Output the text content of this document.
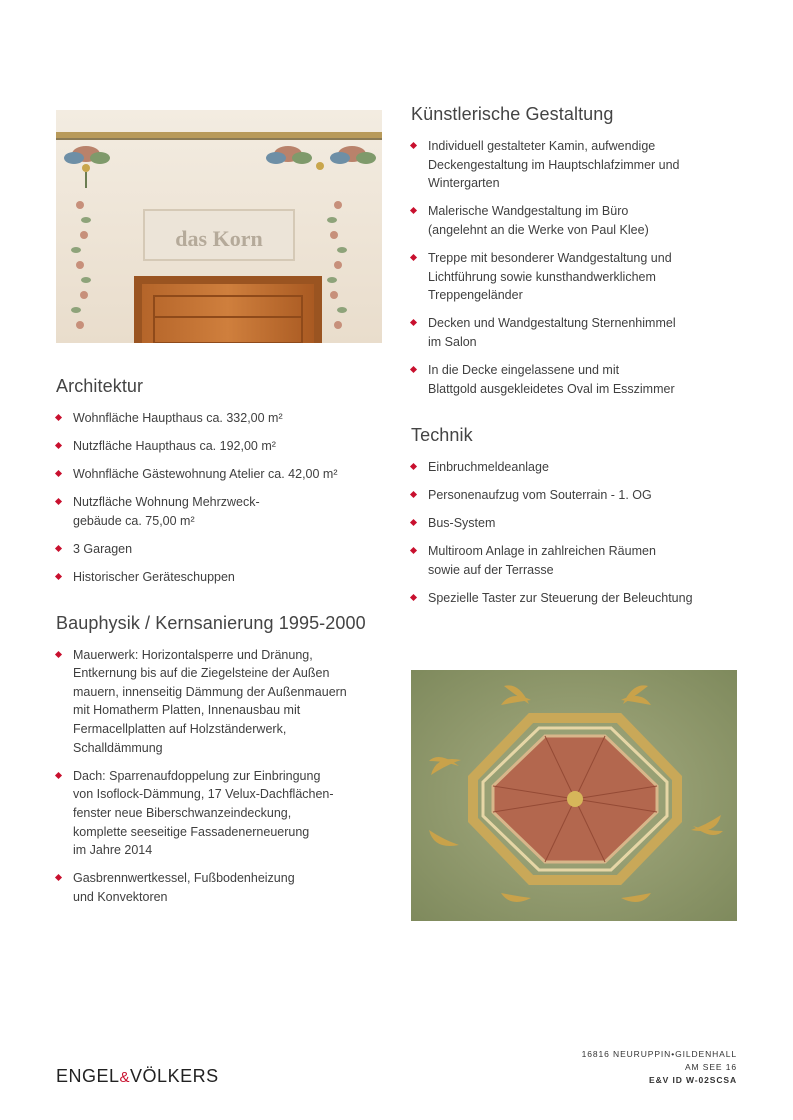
das Korn
Architektur
Wohnfläche Haupthaus ca. 332,00 m²
Nutzfläche Haupthaus ca. 192,00 m²
Wohnfläche Gästewohnung Atelier ca. 42,00 m²
Nutzfläche Wohnung Mehrzweck-
gebäude ca. 75,00 m²
3 Garagen
Historischer Geräteschuppen
Bauphysik / Kernsanierung 1995-2000
Mauerwerk: Horizontalsperre und Dränung,
Entkernung bis auf die Ziegelsteine der Außen
mauern, innenseitig Dämmung der Außenmauern
mit Homatherm Platten, Innenausbau mit
Fermacellplatten auf Holzständerwerk,
Schalldämmung
Dach: Sparrenaufdoppelung zur Einbringung
von Isoflock-Dämmung, 17 Velux-Dachflächen-
fenster neue Biberschwanzeindeckung,
komplette seeseitige Fassadenerneuerung
im Jahre 2014
Gasbrennwertkessel, Fußbodenheizung
und Konvektoren
Künstlerische Gestaltung
Individuell gestalteter Kamin, aufwendige
Deckengestaltung im Hauptschlafzimmer und
Wintergarten
Malerische Wandgestaltung im Büro
(angelehnt an die Werke von Paul Klee)
Treppe mit besonderer Wandgestaltung und
Lichtführung sowie kunsthandwerklichem
Treppengeländer
Decken und Wandgestaltung Sternenhimmel
im Salon
In die Decke eingelassene und mit
Blattgold ausgekleidetes Oval im Esszimmer
Technik
Einbruchmeldeanlage
Personenaufzug vom Souterrain - 1. OG
Bus-System
Multiroom Anlage in zahlreichen Räumen
sowie auf der Terrasse
Spezielle Taster zur Steuerung der Beleuchtung
ENGEL&VÖLKERS
16816 NEURUPPIN•GILDENHALL
AM SEE 16
E&V ID W-02SCSA
